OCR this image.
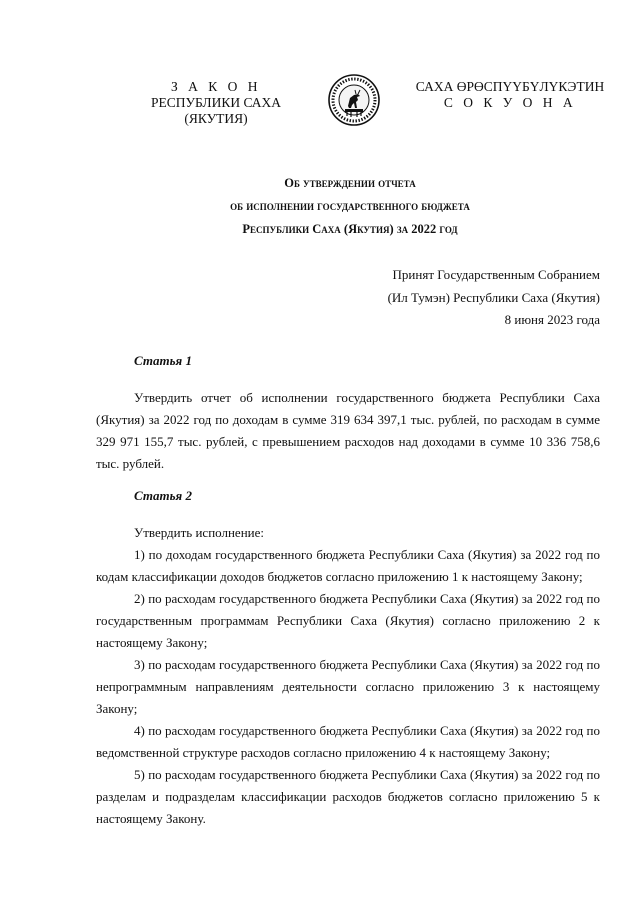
З А К О Н
РЕСПУБЛИКИ САХА (ЯКУТИЯ)
САХА ӨРӨСПҮҮБҮЛҮКЭТИН
С О К У О Н А
Об утверждении отчета
об исполнении государственного бюджета
Республики Саха (Якутия) за 2022 год
Принят Государственным Собранием
(Ил Тумэн) Республики Саха (Якутия)
8 июня 2023 года
Статья 1

Утвердить отчет об исполнении государственного бюджета Республики Саха (Якутия) за 2022 год по доходам в сумме 319 634 397,1 тыс. рублей, по расходам в сумме 329 971 155,7 тыс. рублей, с превышением расходов над доходами в сумме 10 336 758,6 тыс. рублей.

Статья 2

Утвердить исполнение:

1) по доходам государственного бюджета Республики Саха (Якутия) за 2022 год по кодам классификации доходов бюджетов согласно приложению 1 к настоящему Закону;

2) по расходам государственного бюджета Республики Саха (Якутия) за 2022 год по государственным программам Республики Саха (Якутия) согласно приложению 2 к настоящему Закону;

3) по расходам государственного бюджета Республики Саха (Якутия) за 2022 год по непрограммным направлениям деятельности согласно приложению 3 к настоящему Закону;

4) по расходам государственного бюджета Республики Саха (Якутия) за 2022 год по ведомственной структуре расходов согласно приложению 4 к настоящему Закону;

5) по расходам государственного бюджета Республики Саха (Якутия) за 2022 год по разделам и подразделам классификации расходов бюджетов согласно приложению 5 к настоящему Закону.
